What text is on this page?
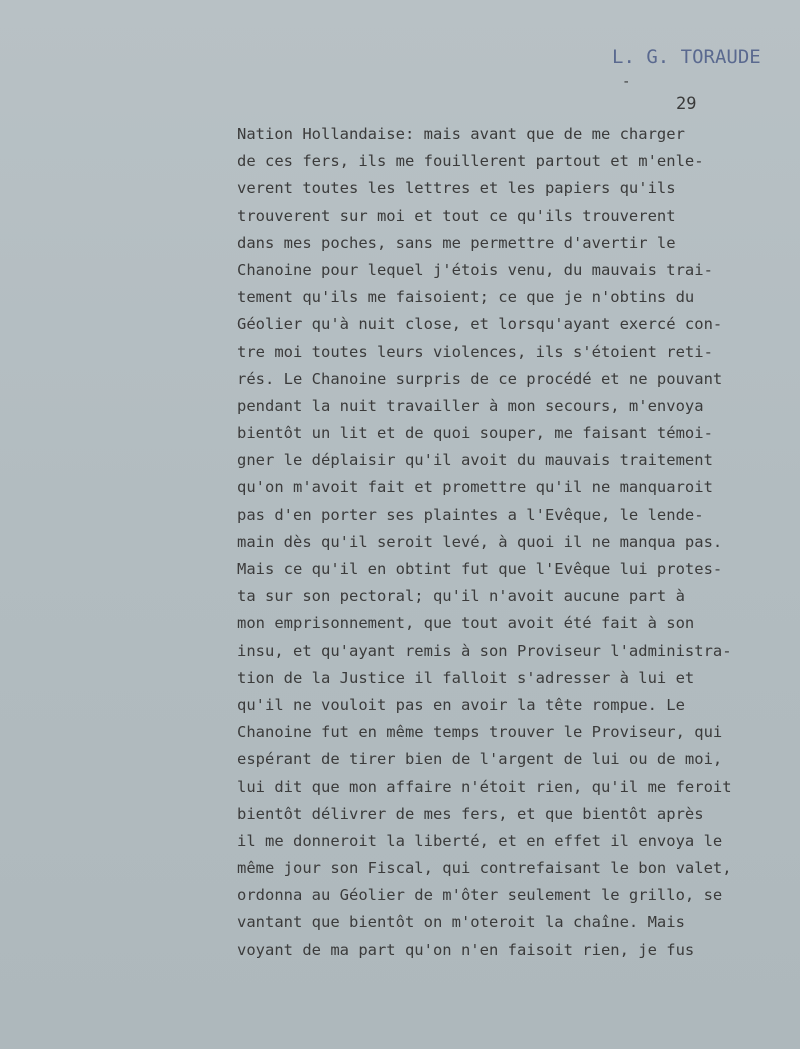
L. G. TORAUDE
-
29
Nation Hollandaise: mais avant que de me charger
de ces fers, ils me fouillerent partout et m'enle-
verent toutes les lettres et les papiers qu'ils
trouverent sur moi et tout ce qu'ils trouverent
dans mes poches, sans me permettre d'avertir le
Chanoine pour lequel j'étois venu, du mauvais trai-
tement qu'ils me faisoient; ce que je n'obtins du
Géolier qu'à nuit close, et lorsqu'ayant exercé con-
tre moi toutes leurs violences, ils s'étoient reti-
rés. Le Chanoine surpris de ce procédé et ne pouvant
pendant la nuit travailler à mon secours, m'envoya
bientôt un lit et de quoi souper, me faisant témoi-
gner le déplaisir qu'il avoit du mauvais traitement
qu'on m'avoit fait et promettre qu'il ne manquaroit
pas d'en porter ses plaintes a l'Evêque, le lende-
main dès qu'il seroit levé, à quoi il ne manqua pas.
Mais ce qu'il en obtint fut que l'Evêque lui protes-
ta sur son pectoral; qu'il n'avoit aucune part à
mon emprisonnement, que tout avoit été fait à son
insu, et qu'ayant remis à son Proviseur l'administra-
tion de la Justice il falloit s'adresser à lui et
qu'il ne vouloit pas en avoir la tête rompue. Le
Chanoine fut en même temps trouver le Proviseur, qui
espérant de tirer bien de l'argent de lui ou de moi,
lui dit que mon affaire n'étoit rien, qu'il me feroit
bientôt délivrer de mes fers, et que bientôt après
il me donneroit la liberté, et en effet il envoya le
même jour son Fiscal, qui contrefaisant le bon valet,
ordonna au Géolier de m'ôter seulement le grillo, se
vantant que bientôt on m'oteroit la chaîne. Mais
voyant de ma part qu'on n'en faisoit rien, je fus
